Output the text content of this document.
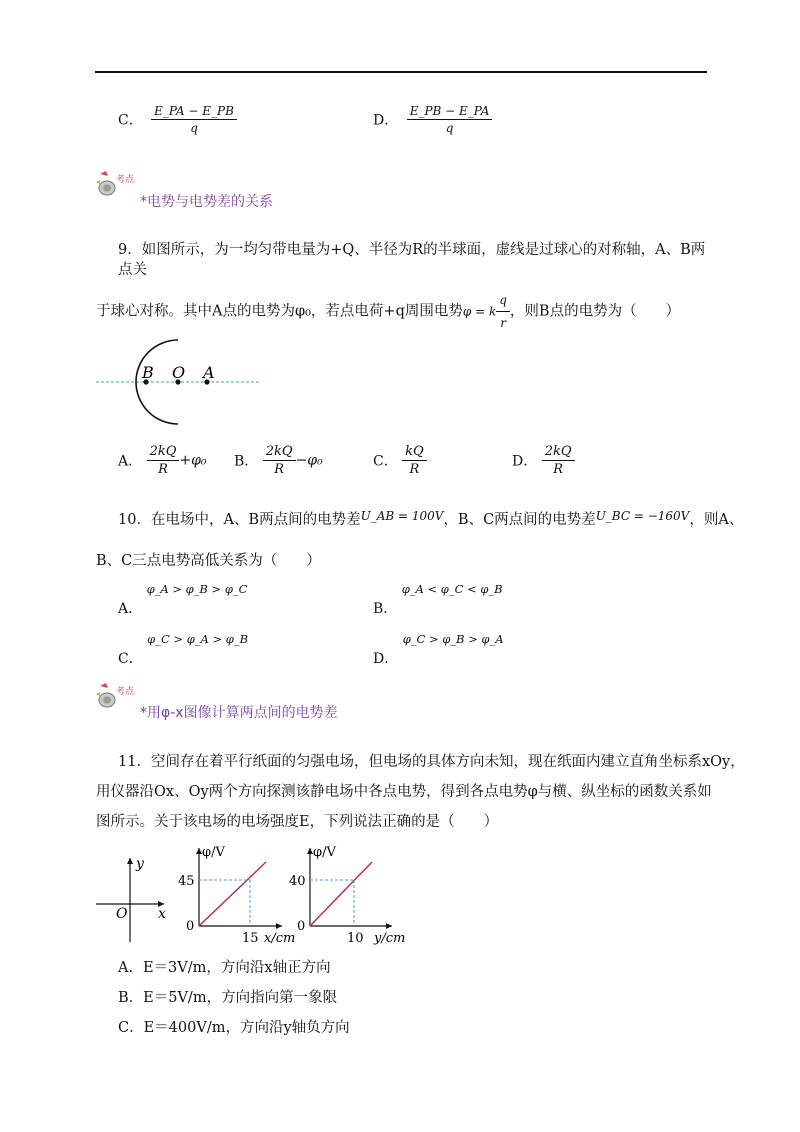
C． $\frac{E\_PA - E\_PB}{q}$	D． $\frac{E\_PB - E\_PA}{q}$
考点
*电势与电势差的关系
9．如图所示，为一均匀带电量为+Q、半径为R的半球面，虚线是过球心的对称轴，A、B两点关
于球心对称。其中A点的电势为φ₀，若点电荷+q周围电势φ = k $\frac{q}{r}$ ，则B点的电势为（　　）
B O A
A． $\frac{2kQ}{R} +\varphi_0$ B． $\frac{2kQ}{R} -\varphi_0$	C． $\frac{kQ}{R}$	D． $\frac{2kQ}{R}$
10．在电场中，A、B两点间的电势差$^{U\_AB = 100V}$，B、C两点间的电势差$^{U\_BC = -160V}$，则A、
B、C三点电势高低关系为（　　）
A． $^{\varphi\_A > \varphi\_B > \varphi\_C}$
B． $^{\varphi\_A < \varphi\_C < \varphi\_B}$
C． $^{\varphi\_C > \varphi\_A > \varphi\_B}$
D． $^{\varphi\_C > \varphi\_B > \varphi\_A}$
考点
*用φ-x图像计算两点间的电势差
11．空间存在着平行纸面的匀强电场，但电场的具体方向未知，现在纸面内建立直角坐标系xOy，
用仪器沿Ox、Oy两个方向探测该静电场中各点电势，得到各点电势φ与横、纵坐标的函数关系如
图所示。关于该电场的电场强度E，下列说法正确的是（　　）
y
x
O
φ/V
45
0
15 x/cm
φ/V
40
0
10 y/cm
A．E＝3V/m，方向沿x轴正方向
B．E＝5V/m，方向指向第一象限
C．E＝400V/m，方向沿y轴负方向
